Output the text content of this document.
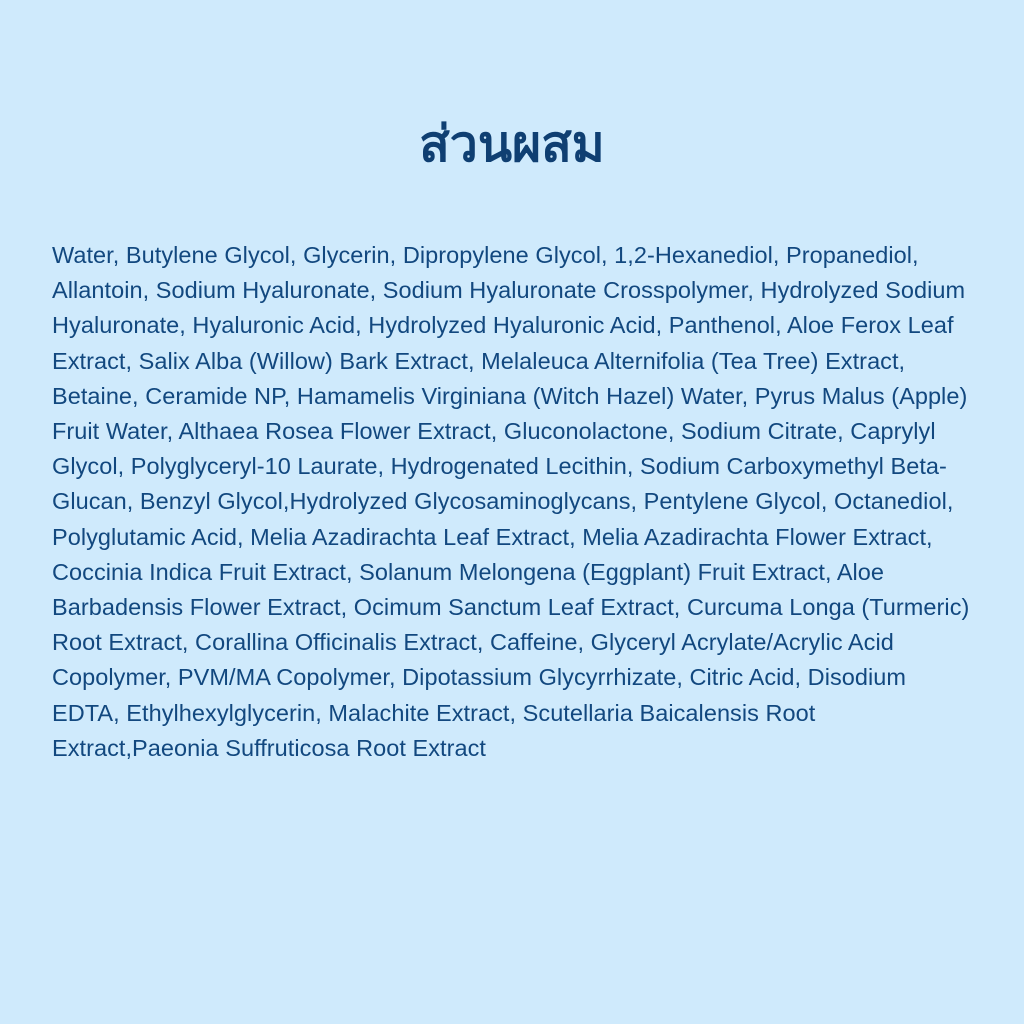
ส่วนผสม
Water, Butylene Glycol, Glycerin, Dipropylene Glycol, 1,2-Hexanediol, Propanediol, Allantoin, Sodium Hyaluronate, Sodium Hyaluronate Crosspolymer, Hydrolyzed Sodium Hyaluronate, Hyaluronic Acid, Hydrolyzed Hyaluronic Acid, Panthenol, Aloe Ferox Leaf Extract, Salix Alba (Willow) Bark Extract, Melaleuca Alternifolia (Tea Tree) Extract, Betaine, Ceramide NP, Hamamelis Virginiana (Witch Hazel) Water, Pyrus Malus (Apple) Fruit Water, Althaea Rosea Flower Extract, Gluconolactone, Sodium Citrate, Caprylyl Glycol, Polyglyceryl-10 Laurate, Hydrogenated Lecithin, Sodium Carboxymethyl Beta-Glucan, Benzyl Glycol,Hydrolyzed Glycosaminoglycans, Pentylene Glycol, Octanediol, Polyglutamic Acid, Melia Azadirachta Leaf Extract, Melia Azadirachta Flower Extract, Coccinia Indica Fruit Extract, Solanum Melongena (Eggplant) Fruit Extract, Aloe Barbadensis Flower Extract, Ocimum Sanctum Leaf Extract, Curcuma Longa (Turmeric) Root Extract, Corallina Officinalis Extract, Caffeine, Glyceryl Acrylate/Acrylic Acid Copolymer, PVM/MA Copolymer, Dipotassium Glycyrrhizate, Citric Acid, Disodium EDTA, Ethylhexylglycerin, Malachite Extract, Scutellaria Baicalensis Root Extract,Paeonia Suffruticosa Root Extract
